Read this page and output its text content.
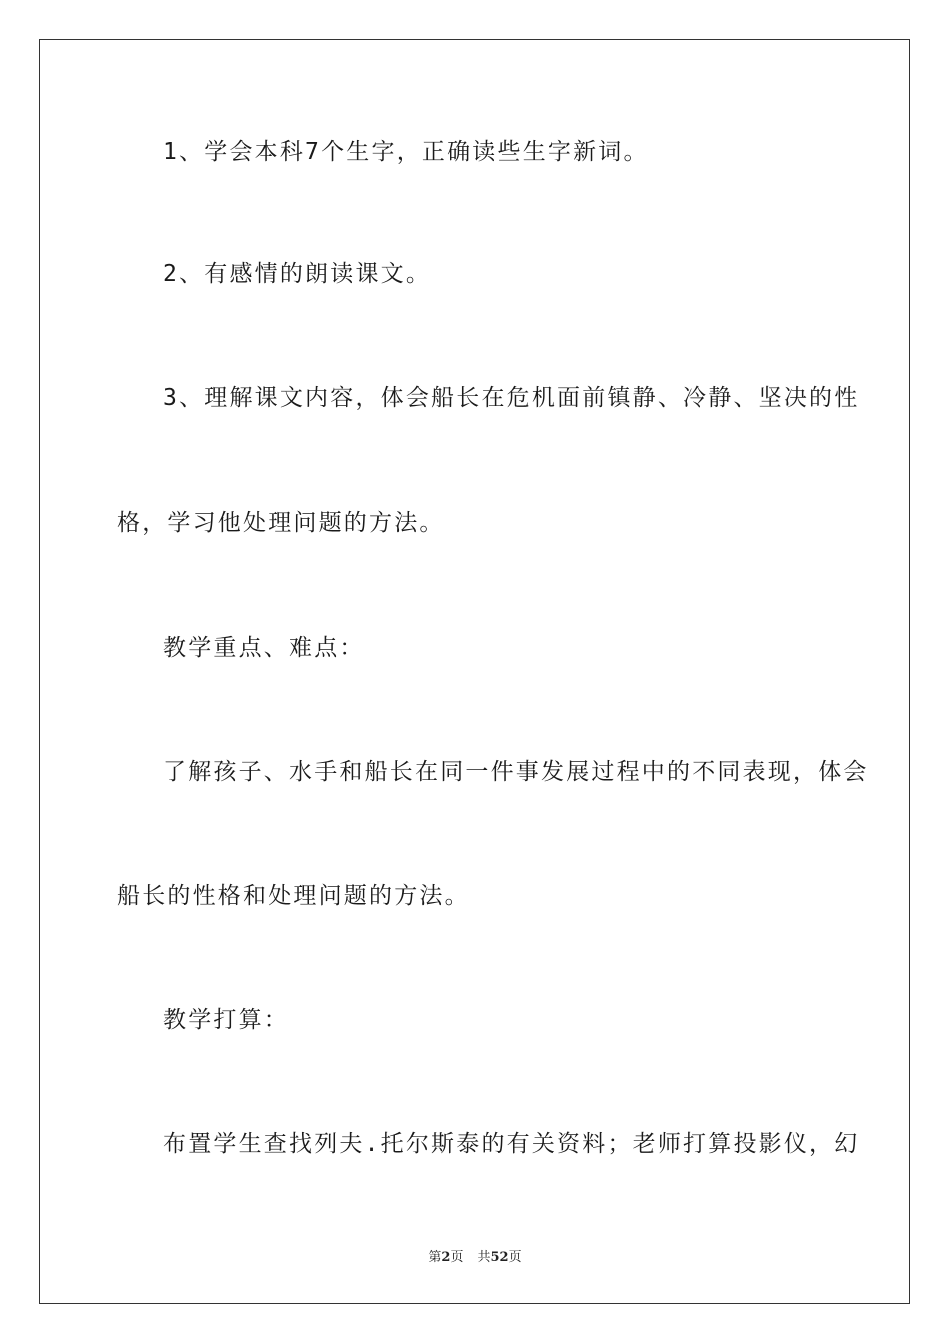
1、学会本科7个生字，正确读些生字新词。
2、有感情的朗读课文。
3、理解课文内容，体会船长在危机面前镇静、冷静、坚决的性
格，学习他处理问题的方法。
教学重点、难点：
了解孩子、水手和船长在同一件事发展过程中的不同表现，体会
船长的性格和处理问题的方法。
教学打算：
布置学生查找列夫.托尔斯泰的有关资料；老师打算投影仪，幻
第2页 共52页
